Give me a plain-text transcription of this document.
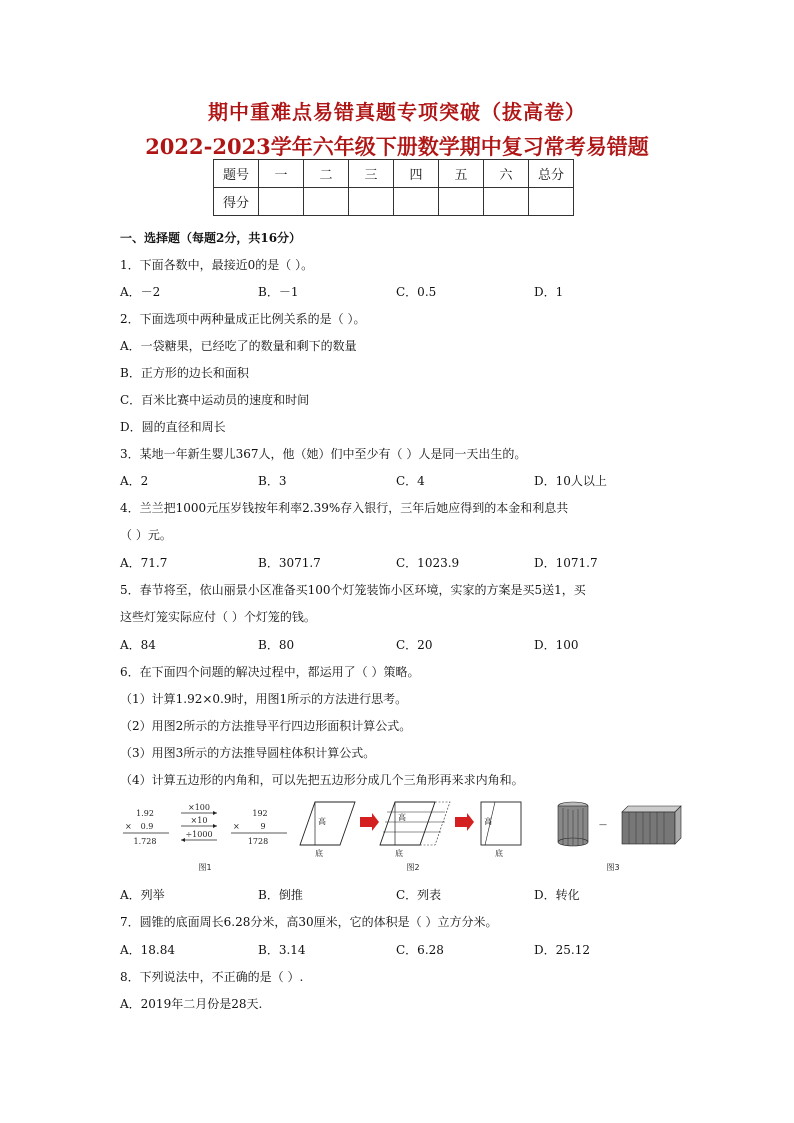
期中重难点易错真题专项突破（拔高卷）
2022-2023学年六年级下册数学期中复习常考易错题
题号	一	二	三	四	五	六	总分
得分							
一、选择题（每题2分，共16分）
1．下面各数中，最接近0的是（ ）。
A．－2	B．－1	C．0.5	D．1
2．下面选项中两种量成正比例关系的是（ ）。
A．一袋糖果，已经吃了的数量和剩下的数量
B．正方形的边长和面积
C．百米比赛中运动员的速度和时间
D．圆的直径和周长
3．某地一年新生婴儿367人，他（她）们中至少有（ ）人是同一天出生的。
A．2	B．3	C．4	D．10人以上
4．兰兰把1000元压岁钱按年利率2.39%存入银行，三年后她应得到的本金和利息共
（ ）元。
A．71.7	B．3071.7	C．1023.9	D．1071.7
5．春节将至，依山丽景小区准备买100个灯笼装饰小区环境，实家的方案是买5送1，买
这些灯笼实际应付（ ）个灯笼的钱。
A．84	B．80	C．20	D．100
6．在下面四个问题的解决过程中，都运用了（ ）策略。
（1）计算1.92×0.9时，用图1所示的方法进行思考。
（2）用图2所示的方法推导平行四边形面积计算公式。
（3）用图3所示的方法推导圆柱体积计算公式。
（4）计算五边形的内角和，可以先把五边形分成几个三角形再来求内角和。
1.92
× 0.9
1.728
×100
×10
÷1000
192
×	9
1728
图1
高
底
高
底
高
底
图2
—
图3
A．列举	B．倒推	C．列表	D．转化
7．圆锥的底面周长6.28分米，高30厘米，它的体积是（ ）立方分米。
A．18.84	B．3.14	C．6.28	D．25.12
8．下列说法中，不正确的是（ ）.
A．2019年二月份是28天.
